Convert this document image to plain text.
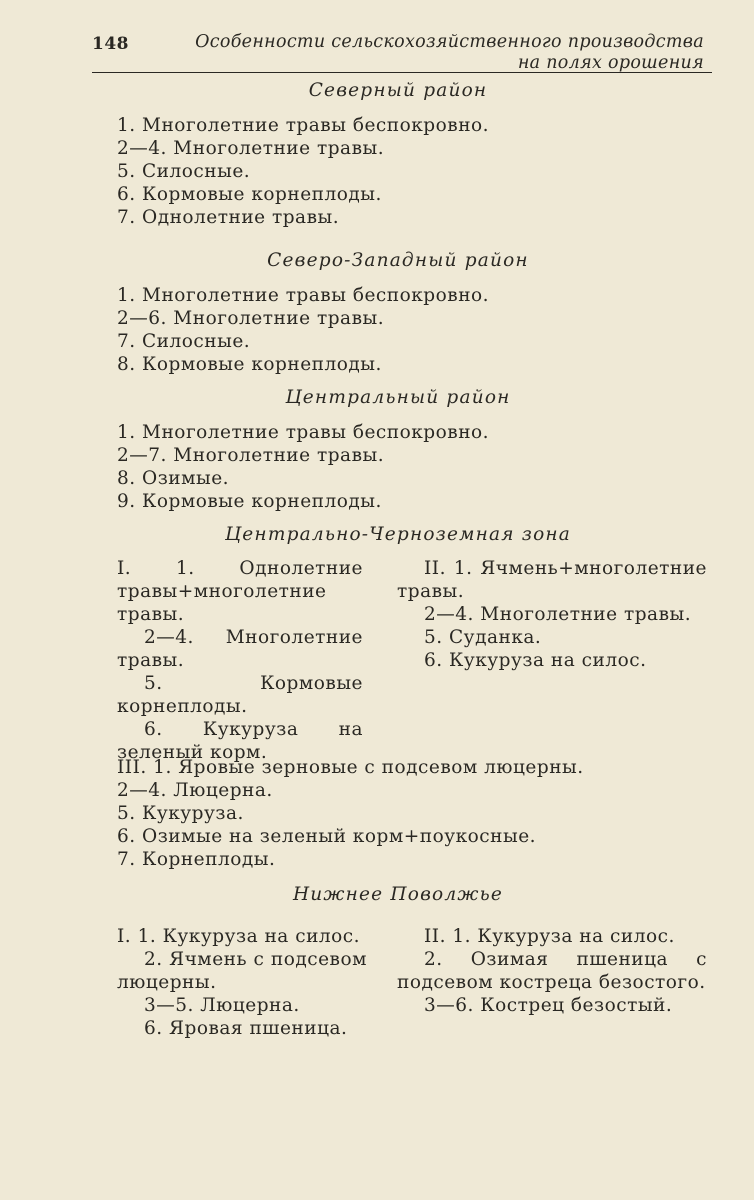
148	Особенности сельскохозяйственного производства
на полях орошения
Северный район
1. Многолетние травы беспокровно.
2—4. Многолетние травы.
5. Силосные.
6. Кормовые корнеплоды.
7. Однолетние травы.
Северо-Западный район
1. Многолетние травы беспокровно.
2—6. Многолетние травы.
7. Силосные.
8. Кормовые корнеплоды.
Центральный район
1. Многолетние травы беспокровно.
2—7. Многолетние травы.
8. Озимые.
9. Кормовые корнеплоды.
Центрально-Черноземная зона
I. 1. Однолетние травы+многолетние травы.
2—4. Многолетние травы.
5. Кормовые корнеплоды.
6. Кукуруза на зеленый корм.
II. 1. Ячмень+многолетние травы.
2—4. Многолетние травы.
5. Суданка.
6. Кукуруза на силос.
III. 1. Яровые зерновые с подсевом люцерны.
2—4. Люцерна.
5. Кукуруза.
6. Озимые на зеленый корм+поукосные.
7. Корнеплоды.
Нижнее Поволжье
I. 1. Кукуруза на силос.
2. Ячмень с подсевом люцерны.
3—5. Люцерна.
6. Яровая пшеница.
II. 1. Кукуруза на силос.
2. Озимая пшеница с подсевом костреца безостого.
3—6. Кострец безостый.
